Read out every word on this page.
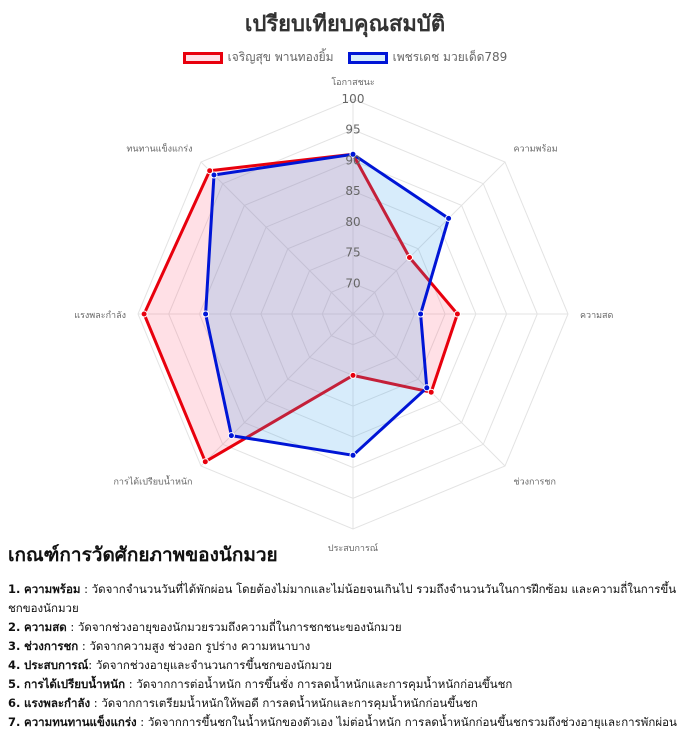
เปรียบเทียบคุณสมบัติ
เจริญสุข พานทองยิ้ม	เพชรเดช มวยเด็ด789
70
75
80
85
90
95
100
โอกาสชนะ
ความพร้อม
ความสด
ช่วงการชก
ประสบการณ์
การได้เปรียบน้ำหนัก
แรงพละกำลัง
ทนทานแข็งแกร่ง
เกณฑ์การวัดศักยภาพของนักมวย
1. ความพร้อม : วัดจากจำนวนวันที่ได้พักผ่อน โดยต้องไม่มากและไม่น้อยจนเกินไป รวมถึงจำนวนวันในการฝึกซ้อม และความถี่ในการขึ้นชกของนักมวย
2. ความสด : วัดจากช่วงอายุของนักมวยรวมถึงความถี่ในการชกชนะของนักมวย
3. ช่วงการชก : วัดจากความสูง ช่วงอก รูปร่าง ความหนาบาง
4. ประสบการณ์: วัดจากช่วงอายุและจำนวนการขึ้นชกของนักมวย
5. การได้เปรียบน้ำหนัก : วัดจากการต่อน้ำหนัก การขึ้นชั่ง การลดน้ำหนักและการคุมน้ำหนักก่อนขึ้นชก
6. แรงพละกำลัง : วัดจากการเตรียมน้ำหนักให้พอดี การลดน้ำหนักและการคุมน้ำหนักก่อนขึ้นชก
7. ความทนทานแข็งแกร่ง : วัดจากการขึ้นชกในน้ำหนักของตัวเอง ไม่ต่อน้ำหนัก การลดน้ำหนักก่อนขึ้นชกรวมถึงช่วงอายุและการพักผ่อน
